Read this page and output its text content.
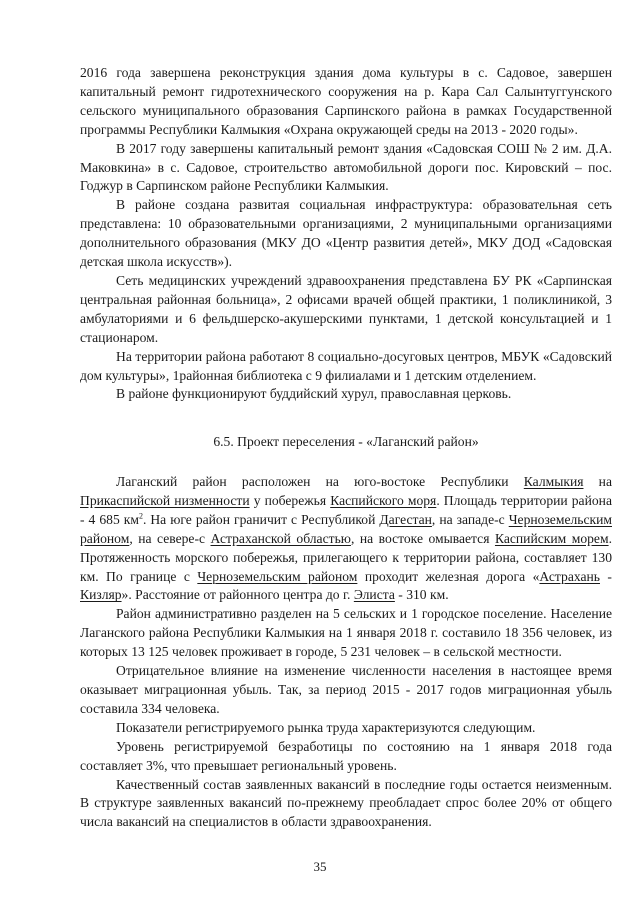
2016 года завершена реконструкция здания дома культуры в с. Садовое, завершен капитальный ремонт гидротехнического сооружения на р. Кара Сал Салынтуггунского сельского муниципального образования Сарпинского района в рамках Государственной программы Республики Калмыкия «Охрана окружающей среды на 2013 - 2020 годы».

В 2017 году завершены капитальный ремонт здания «Садовская СОШ № 2 им. Д.А. Маковкина» в с. Садовое, строительство автомобильной дороги пос. Кировский – пос. Годжур в Сарпинском районе Республики Калмыкия.

В районе создана развитая социальная инфраструктура: образовательная сеть представлена: 10 образовательными организациями, 2 муниципальными организациями дополнительного образования (МКУ ДО «Центр развития детей», МКУ ДОД «Садовская детская школа искусств»).

Сеть медицинских учреждений здравоохранения представлена БУ РК «Сарпинская центральная районная больница», 2 офисами врачей общей практики, 1 поликлиникой, 3 амбулаториями и 6 фельдшерско-акушерскими пунктами, 1 детской консультацией и 1 стационаром.

На территории района работают 8 социально-досуговых центров, МБУК «Садовский дом культуры», 1районная библиотека с 9 филиалами и 1 детским отделением.

В районе функционируют буддийский хурул, православная церковь.

6.5. Проект переселения - «Лаганский район»

Лаганский район расположен на юго-востоке Республики Калмыкия на Прикаспийской низменности у побережья Каспийского моря. Площадь территории района - 4 685 $км^2$. На юге район граничит с Республикой Дагестан, на западе-с Черноземельским районом, на севере-с Астраханской областью, на востоке омывается Каспийским морем. Протяженность морского побережья, прилегающего к территории района, составляет 130 км. По границе с Черноземельским районом проходит железная дорога «Астрахань - Кизляр». Расстояние от районного центра до г. Элиста - 310 км.

Район административно разделен на 5 сельских и 1 городское поселение. Население Лаганского района Республики Калмыкия на 1 января 2018 г. составило 18 356 человек, из которых 13 125 человек проживает в городе, 5 231 человек – в сельской местности.

Отрицательное влияние на изменение численности населения в настоящее время оказывает миграционная убыль. Так, за период 2015 - 2017 годов миграционная убыль составила 334 человека.

Показатели регистрируемого рынка труда характеризуются следующим.

Уровень регистрируемой безработицы по состоянию на 1 января 2018 года составляет 3%, что превышает региональный уровень.

Качественный состав заявленных вакансий в последние годы остается неизменным. В структуре заявленных вакансий по-прежнему преобладает спрос более 20% от общего числа вакансий на специалистов в области здравоохранения.

35
